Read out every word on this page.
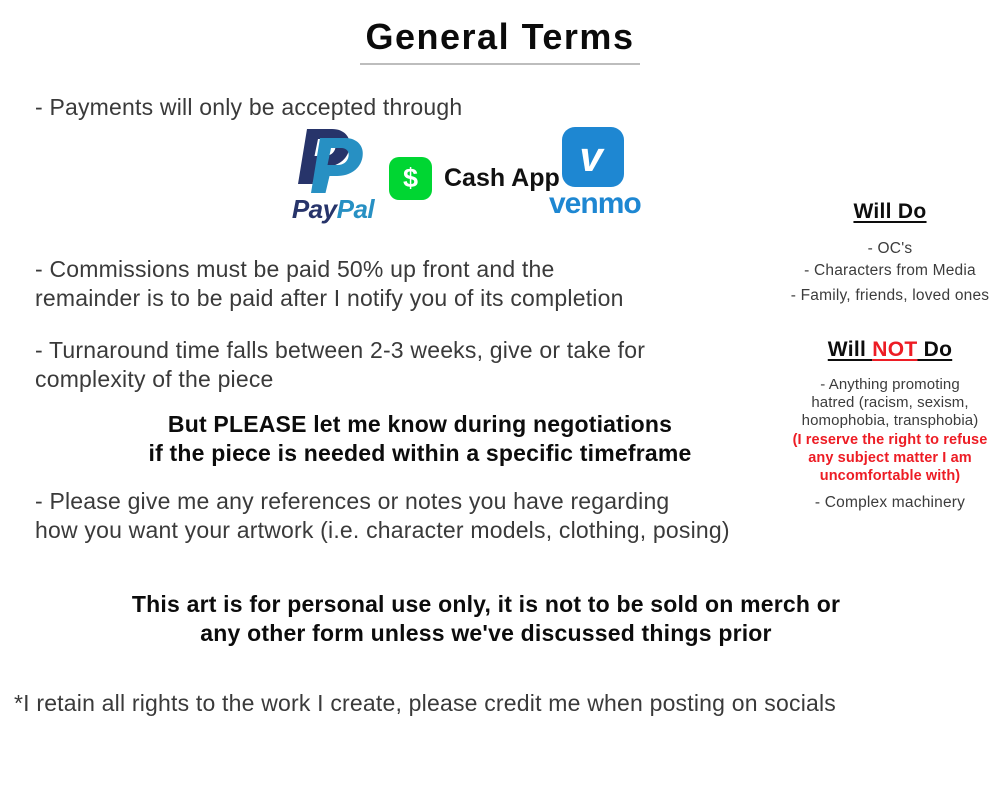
General Terms
- Payments will only be accepted through
PayPal
$ Cash App v
venmo
- Commissions must be paid 50% up front and the
remainder is to be paid after I notify you of its completion
- Turnaround time falls between 2-3 weeks, give or take for
complexity of the piece
But PLEASE let me know during negotiations
if the piece is needed within a specific timeframe
- Please give me any references or notes you have regarding
how you want your artwork (i.e. character models, clothing, posing)
This art is for personal use only, it is not to be sold on merch or
any other form unless we've discussed things prior
*I retain all rights to the work I create, please credit me when posting on socials
Will Do
- OC's
- Characters from Media
- Family, friends, loved ones
Will NOT Do
- Anything promoting hatred (racism, sexism, homophobia, transphobia)
(I reserve the right to refuse any subject matter I am uncomfortable with)
- Complex machinery
